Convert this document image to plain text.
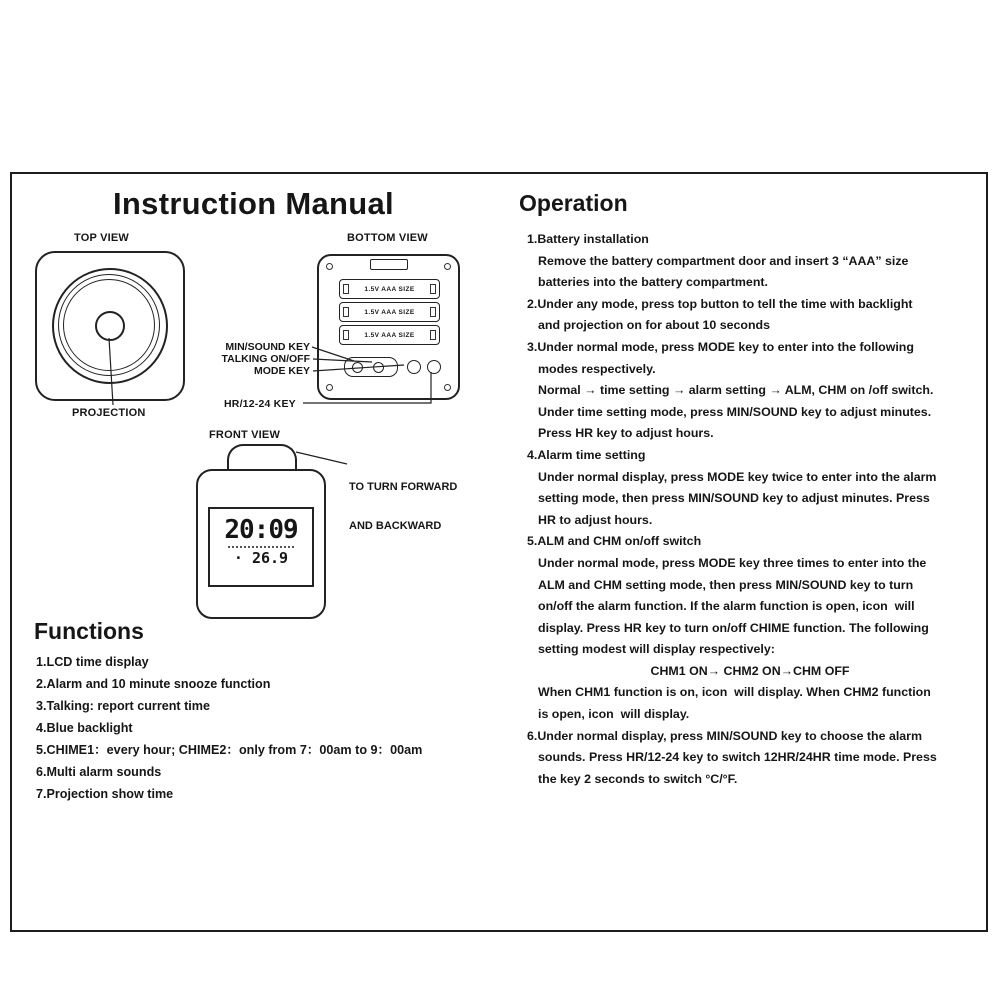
Instruction Manual	Operation
Functions
TOP VIEW
PROJECTION
BOTTOM VIEW
1.5V AAA SIZE
1.5V AAA SIZE
1.5V AAA SIZE
MIN/SOUND KEY
TALKING ON/OFF
MODE KEY
HR/12-24 KEY
FRONT VIEW
20:09
· 26.9

TO TURN FORWARD

AND BACKWARD

1.LCD time display
2.Alarm and 10 minute snooze function
3.Talking: report current time
4.Blue backlight
5.CHIME1：every hour; CHIME2：only from 7：00am to 9：00am
6.Multi alarm sounds
7.Projection show time
1.Battery installation
Remove the battery compartment door and insert 3 “AAA” size
batteries into the battery compartment.
2.Under any mode, press top button to tell the time with backlight
and projection on for about 10 seconds
3.Under normal mode, press MODE key to enter into the following
modes respectively.
Normal → time setting → alarm setting → ALM, CHM on /off switch.
Under time setting mode, press MIN/SOUND key to adjust minutes.
Press HR key to adjust hours.
4.Alarm time setting
Under normal display, press MODE key twice to enter into the alarm
setting mode, then press MIN/SOUND key to adjust minutes. Press
HR to adjust hours.
5.ALM and CHM on/off switch
Under normal mode, press MODE key three times to enter into the
ALM and CHM setting mode, then press MIN/SOUND key to turn
on/off the alarm function. If the alarm function is open, icon  will
display. Press HR key to turn on/off CHIME function. The following
setting modest will display respectively:
CHM1 ON→ CHM2 ON→CHM OFF
When CHM1 function is on, icon  will display. When CHM2 function
is open, icon  will display.
6.Under normal display, press MIN/SOUND key to choose the alarm
sounds. Press HR/12-24 key to switch 12HR/24HR time mode. Press
the key 2 seconds to switch °C/°F.
